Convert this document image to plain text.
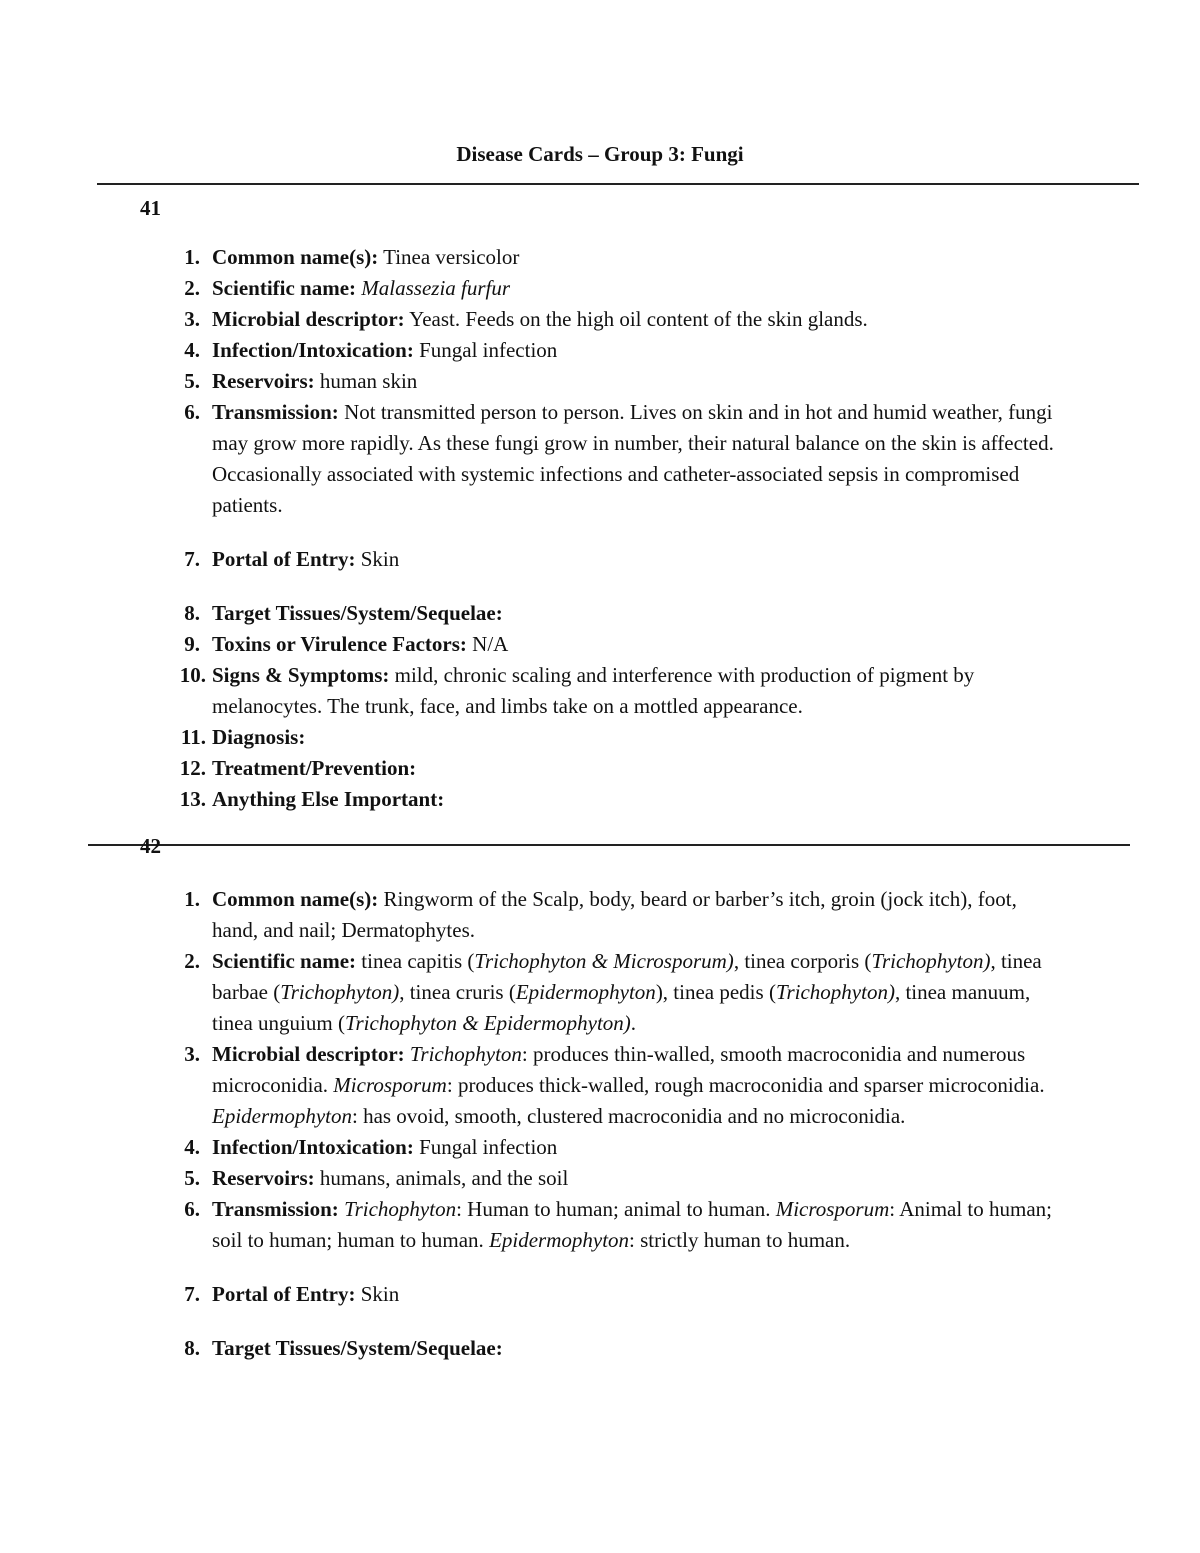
Disease Cards – Group 3: Fungi
41
1. Common name(s): Tinea versicolor
2. Scientific name: Malassezia furfur
3. Microbial descriptor: Yeast. Feeds on the high oil content of the skin glands.
4. Infection/Intoxication: Fungal infection
5. Reservoirs: human skin
6. Transmission: Not transmitted person to person. Lives on skin and in hot and humid weather, fungi may grow more rapidly. As these fungi grow in number, their natural balance on the skin is affected. Occasionally associated with systemic infections and catheter-associated sepsis in compromised patients.
7. Portal of Entry: Skin
8. Target Tissues/System/Sequelae:
9. Toxins or Virulence Factors: N/A
10. Signs & Symptoms: mild, chronic scaling and interference with production of pigment by melanocytes. The trunk, face, and limbs take on a mottled appearance.
11. Diagnosis:
12. Treatment/Prevention:
13. Anything Else Important:
42
1. Common name(s): Ringworm of the Scalp, body, beard or barber’s itch, groin (jock itch), foot, hand, and nail; Dermatophytes.
2. Scientific name: tinea capitis (Trichophyton & Microsporum), tinea corporis (Trichophyton), tinea barbae (Trichophyton), tinea cruris (Epidermophyton), tinea pedis (Trichophyton), tinea manuum, tinea unguium (Trichophyton & Epidermophyton).
3. Microbial descriptor: Trichophyton: produces thin-walled, smooth macroconidia and numerous microconidia. Microsporum: produces thick-walled, rough macroconidia and sparser microconidia. Epidermophyton: has ovoid, smooth, clustered macroconidia and no microconidia.
4. Infection/Intoxication: Fungal infection
5. Reservoirs: humans, animals, and the soil
6. Transmission: Trichophyton: Human to human; animal to human. Microsporum: Animal to human; soil to human; human to human. Epidermophyton: strictly human to human.
7. Portal of Entry: Skin
8. Target Tissues/System/Sequelae:
